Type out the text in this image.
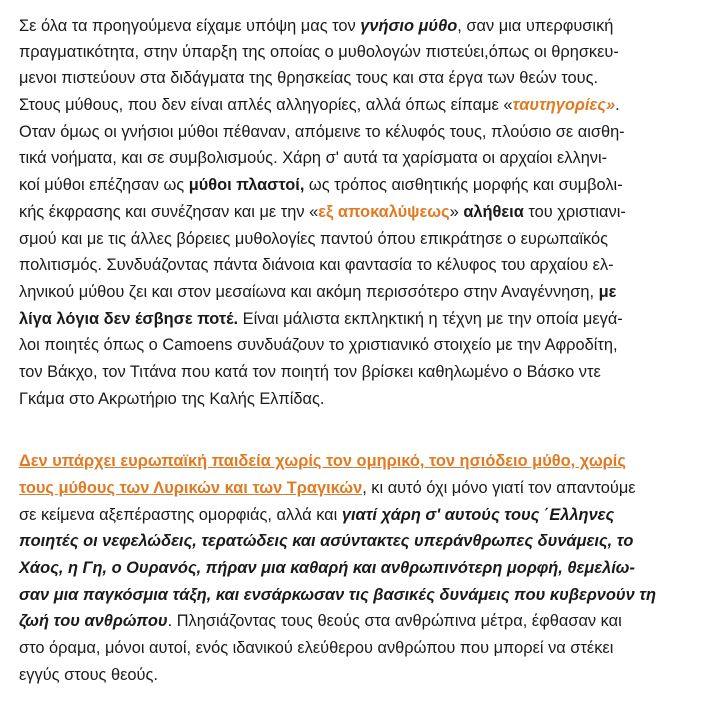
Σε όλα τα προηγούμενα είχαμε υπόψη μας τον γνήσιο μύθο, σαν μια υπερφυσική
πραγματικότητα, στην ύπαρξη της οποίας ο μυθολογών πιστεύει,όπως οι θρησκευ-
μενοι πιστεύουν στα διδάγματα της θρησκείας τους και στα έργα των θεών τους.
Στους μύθους, που δεν είναι απλές αλληγορίες, αλλά όπως είπαμε «ταυτηγορίες».
Οταν όμως οι γνήσιοι μύθοι πέθαναν, απόμεινε το κέλυφός τους, πλούσιο σε αισθη-
τικά νοήματα, και σε συμβολισμούς. Χάρη σ' αυτά τα χαρίσματα οι αρχαίοι ελληνι-
κοί μύθοι επέζησαν ως μύθοι πλαστοί, ως τρόπος αισθητικής μορφής και συμβολι-
κής έκφρασης και συνέζησαν και με την «εξ αποκαλύψεως» αλήθεια του χριστιανι-
σμού και με τις άλλες βόρειες μυθολογίες παντού όπου επικράτησε ο ευρωπαϊκός
πολιτισμός. Συνδυάζοντας πάντα διάνοια και φαντασία το κέλυφος του αρχαίου ελ-
ληνικού μύθου ζει και στον μεσαίωνα και ακόμη περισσότερο στην Αναγέννηση, με
λίγα λόγια δεν έσβησε ποτέ. Είναι μάλιστα εκπληκτική η τέχνη με την οποία μεγά-
λοι ποιητές όπως ο Camoens συνδυάζουν το χριστιανικό στοιχείο με την Αφροδίτη,
τον Βάκχο, τον Τιτάνα που κατά τον ποιητή τον βρίσκει καθηλωμένο ο Βάσκο ντε
Γκάμα στο Ακρωτήριο της Καλής Ελπίδας.
Δεν υπάρχει ευρωπαϊκή παιδεία χωρίς τον ομηρικό, τον ησιόδειο μύθο, χωρίς
τους μύθους των Λυρικών και των Τραγικών, κι αυτό όχι μόνο γιατί τον απαντούμε
σε κείμενα αξεπέραστης ομορφιάς, αλλά και γιατί χάρη σ' αυτούς τους ΄Ελληνες
ποιητές οι νεφελώδεις, τερατώδεις και ασύντακτες υπεράνθρωπες δυνάμεις, το
Χάος, η Γη, ο Ουρανός, πήραν μια καθαρή και ανθρωπινότερη μορφή, θεμελίω-
σαν μια παγκόσμια τάξη, και ενσάρκωσαν τις βασικές δυνάμεις που κυβερνούν τη
ζωή του ανθρώπου. Πλησιάζοντας τους θεούς στα ανθρώπινα μέτρα, έφθασαν και
στο όραμα, μόνοι αυτοί, ενός ιδανικού ελεύθερου ανθρώπου που μπορεί να στέκει
εγγύς στους θεούς.
